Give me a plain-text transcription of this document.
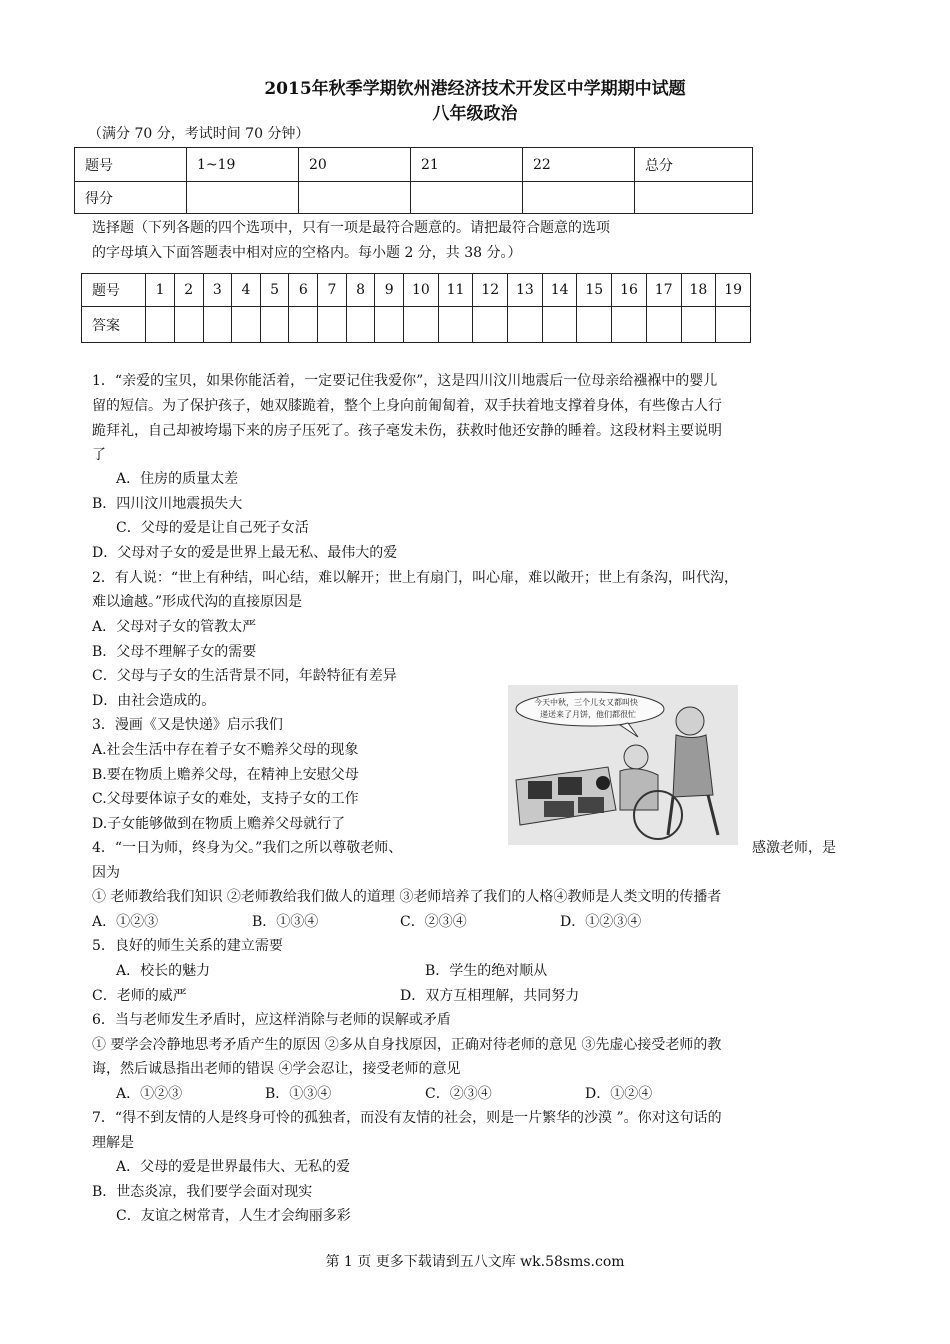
2015年秋季学期钦州港经济技术开发区中学期期中试题
八年级政治
（满分 70 分，考试时间 70 分钟）
题号	1~19	20	21	22	总分
得分					
选择题（下列各题的四个选项中，只有一项是最符合题意的。请把最符合题意的选项
的字母填入下面答题表中相对应的空格内。每小题 2 分，共 38 分。）
题号	1	2	3	4	5	6	7	8	9	10	11	12	13	14	15	16	17	18	19
答案																			
今天中秋，三个儿女又都叫快
递送来了月饼，他们都很忙
1．“亲爱的宝贝，如果你能活着，一定要记住我爱你”，这是四川汶川地震后一位母亲给襁褓中的婴儿
留的短信。为了保护孩子，她双膝跪着，整个上身向前匍匐着，双手扶着地支撑着身体，有些像古人行
跪拜礼，自己却被垮塌下来的房子压死了。孩子毫发未伤，获救时他还安静的睡着。这段材料主要说明
了
A．住房的质量太差
B．四川汶川地震损失大
C．父母的爱是让自己死子女活
D．父母对子女的爱是世界上最无私、最伟大的爱
2．有人说：“世上有种结，叫心结，难以解开；世上有扇门，叫心扉，难以敞开；世上有条沟，叫代沟，
难以逾越。”形成代沟的直接原因是
A．父母对子女的管教太严
B．父母不理解子女的需要
C．父母与子女的生活背景不同，年龄特征有差异
D．由社会造成的。
3．漫画《又是快递》启示我们
A.社会生活中存在着子女不赡养父母的现象
B.要在物质上赡养父母，在精神上安慰父母
C.父母要体谅子女的难处，支持子女的工作
D.子女能够做到在物质上赡养父母就行了
4．“一日为师，终身为父。”我们之所以尊敬老师、	感激老师，是
因为
① 老师教给我们知识 ②老师教给我们做人的道理 ③老师培养了我们的人格④教师是人类文明的传播者
A．①②③	B．①③④	C．②③④	D．①②③④
5．良好的师生关系的建立需要
A．校长的魅力	B．学生的绝对顺从
C．老师的威严	D．双方互相理解，共同努力
6．当与老师发生矛盾时，应这样消除与老师的误解或矛盾
① 要学会冷静地思考矛盾产生的原因 ②多从自身找原因，正确对待老师的意见 ③先虚心接受老师的教
诲，然后诚恳指出老师的错误 ④学会忍让，接受老师的意见
A．①②③	B．①③④	C．②③④	D．①②④
7．“得不到友情的人是终身可怜的孤独者，而没有友情的社会，则是一片繁华的沙漠 ”。你对这句话的
理解是
A．父母的爱是世界最伟大、无私的爱
B．世态炎凉，我们要学会面对现实
C．友谊之树常青，人生才会绚丽多彩
第 1 页 更多下载请到五八文库 wk.58sms.com
